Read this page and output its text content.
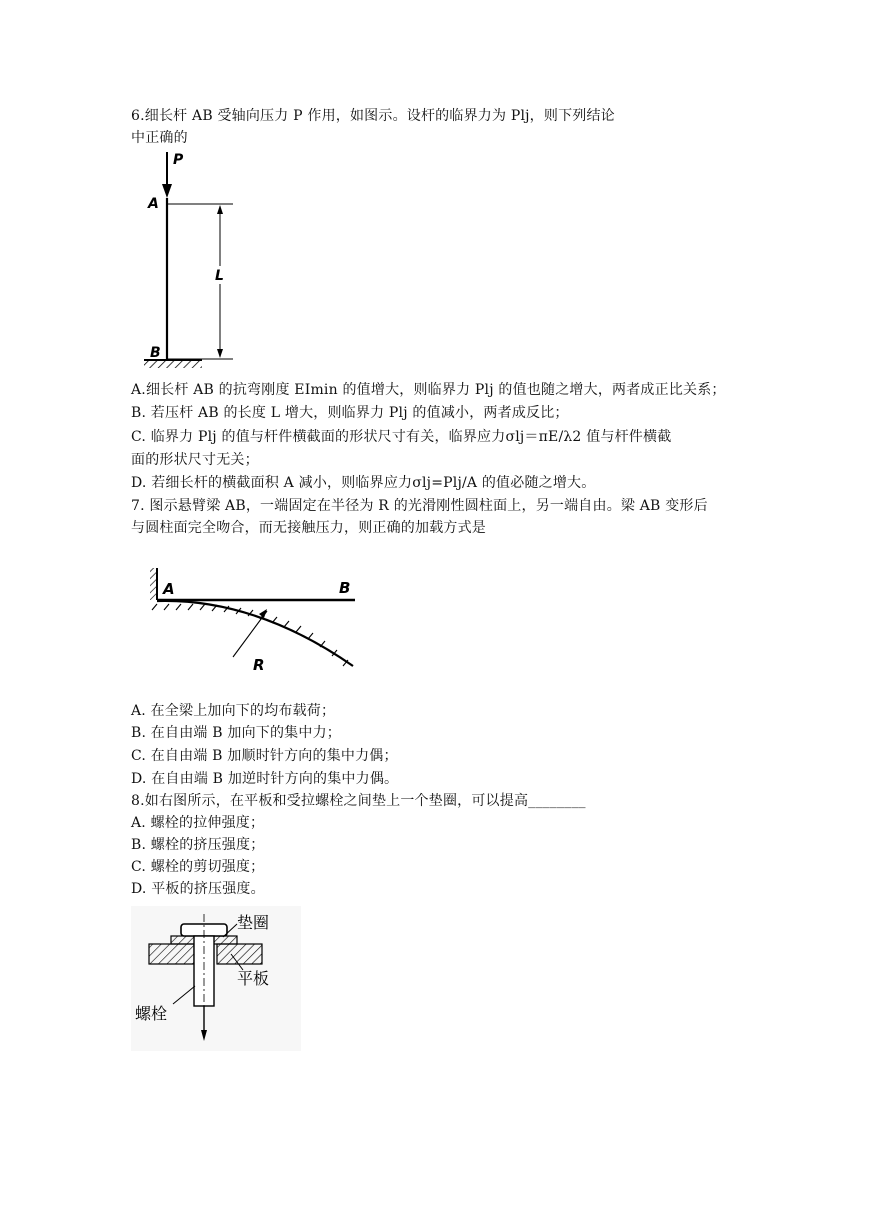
6.细长杆 AB 受轴向压力 P 作用，如图示。设杆的临界力为 Plj，则下列结论
中正确的
P
A
L
B
A.细长杆 AB 的抗弯刚度 EImin 的值增大，则临界力 Plj 的值也随之增大，两者成正比关系；
B. 若压杆 AB 的长度 L 增大，则临界力 Plj 的值减小，两者成反比；
C. 临界力 Plj 的值与杆件横截面的形状尺寸有关，临界应力σlj＝πE/λ2 值与杆件横截
面的形状尺寸无关；
D. 若细长杆的横截面积 A 减小，则临界应力σlj=Plj/A 的值必随之增大。
7. 图示悬臂梁 AB，一端固定在半径为 R 的光滑刚性圆柱面上，另一端自由。梁 AB 变形后
与圆柱面完全吻合，而无接触压力，则正确的加载方式是
A	B
R
A. 在全梁上加向下的均布载荷；
B. 在自由端 B 加向下的集中力；
C. 在自由端 B 加顺时针方向的集中力偶；
D. 在自由端 B 加逆时针方向的集中力偶。
8.如右图所示，在平板和受拉螺栓之间垫上一个垫圈，可以提高________
A. 螺栓的拉伸强度；
B. 螺栓的挤压强度；
C. 螺栓的剪切强度；
D. 平板的挤压强度。
垫圈
平板
螺栓
